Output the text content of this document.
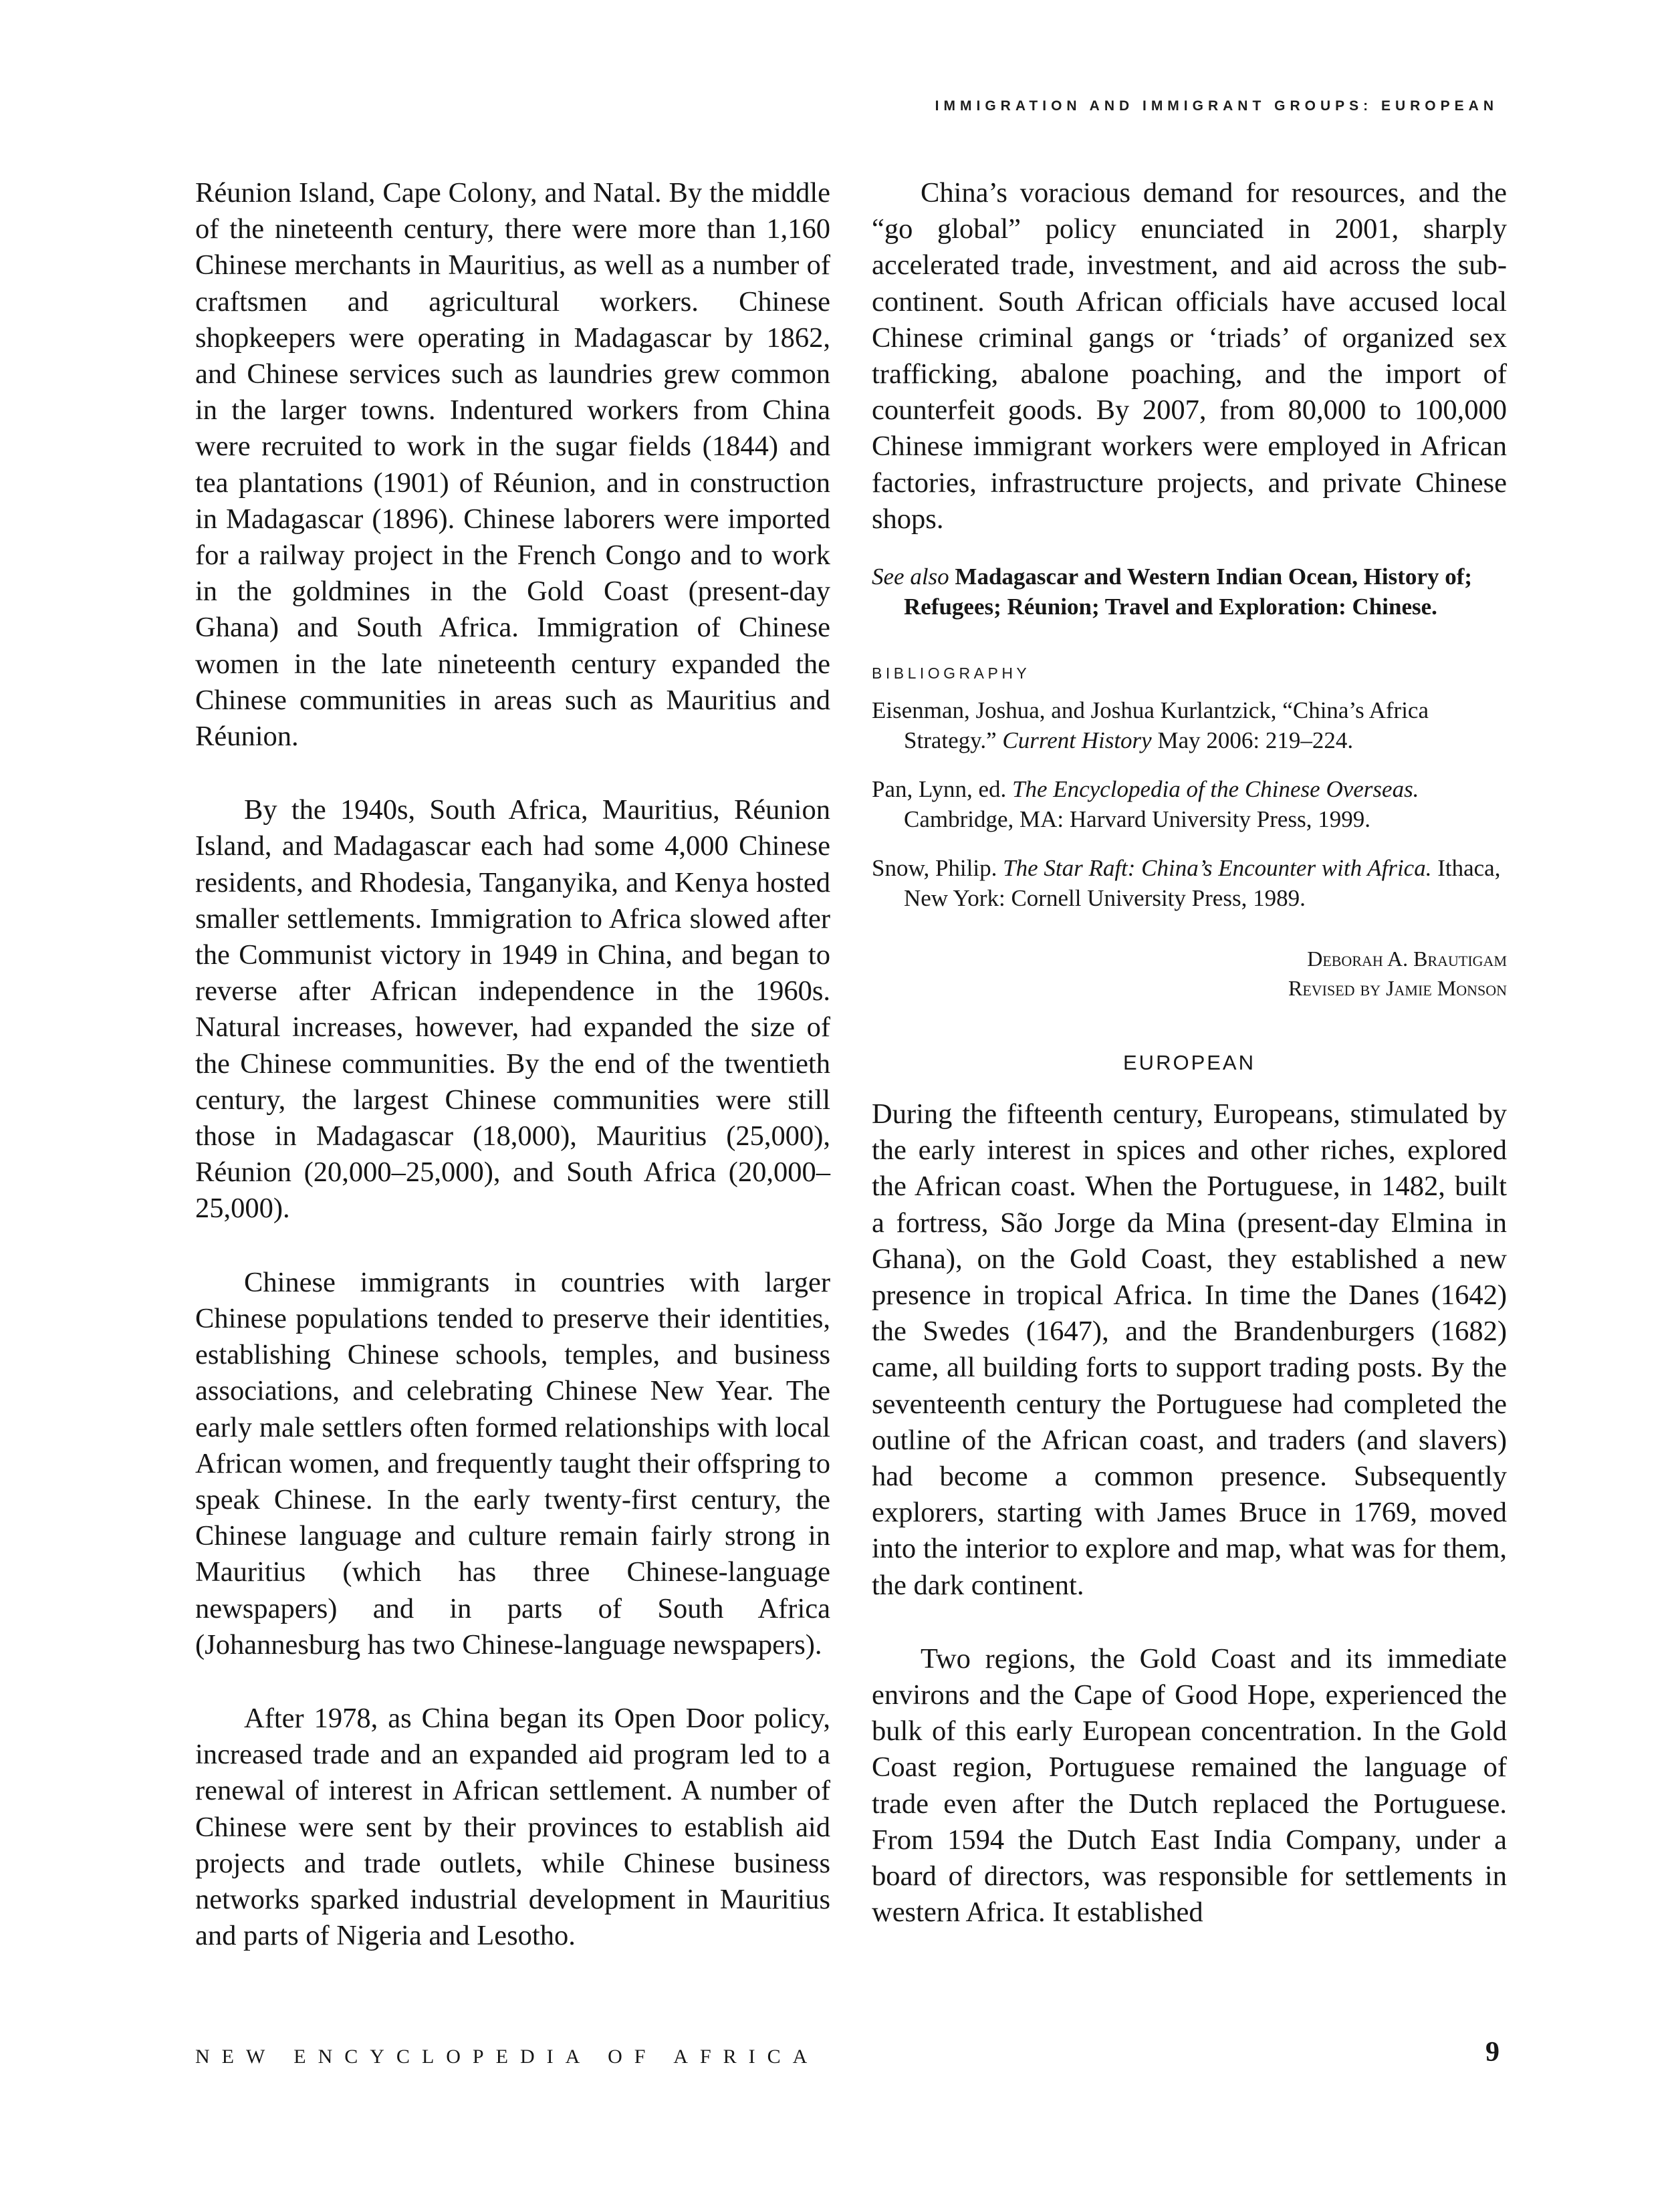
IMMIGRATION AND IMMIGRANT GROUPS: EUROPEAN

Réunion Island, Cape Colony, and Natal. By the middle of the nineteenth century, there were more than 1,160 Chinese merchants in Mauritius, as well as a number of craftsmen and agricultural workers. Chinese shopkeepers were operating in Madagascar by 1862, and Chinese services such as laundries grew common in the larger towns. Indentured workers from China were recruited to work in the sugar fields (1844) and tea plantations (1901) of Réunion, and in construction in Madagascar (1896). Chinese laborers were imported for a railway project in the French Congo and to work in the goldmines in the Gold Coast (present-day Ghana) and South Africa. Immigration of Chinese women in the late nineteenth century expanded the Chinese communities in areas such as Mauritius and Réunion.

By the 1940s, South Africa, Mauritius, Réunion Island, and Madagascar each had some 4,000 Chinese residents, and Rhodesia, Tanganyika, and Kenya hosted smaller settlements. Immigration to Africa slowed after the Communist victory in 1949 in China, and began to reverse after African independence in the 1960s. Natural increases, however, had expanded the size of the Chinese communities. By the end of the twentieth century, the largest Chinese communities were still those in Madagascar (18,000), Mauritius (25,000), Réunion (20,000–25,000), and South Africa (20,000–25,000).

Chinese immigrants in countries with larger Chinese populations tended to preserve their identities, establishing Chinese schools, temples, and business associations, and celebrating Chinese New Year. The early male settlers often formed relationships with local African women, and frequently taught their offspring to speak Chinese. In the early twenty-first century, the Chinese language and culture remain fairly strong in Mauritius (which has three Chinese-language newspapers) and in parts of South Africa (Johannesburg has two Chinese-language newspapers).

After 1978, as China began its Open Door policy, increased trade and an expanded aid program led to a renewal of interest in African settlement. A number of Chinese were sent by their provinces to establish aid projects and trade outlets, while Chinese business networks sparked industrial development in Mauritius and parts of Nigeria and Lesotho.

China’s voracious demand for resources, and the “go global” policy enunciated in 2001, sharply accelerated trade, investment, and aid across the sub-continent. South African officials have accused local Chinese criminal gangs or ‘triads’ of organized sex trafficking, abalone poaching, and the import of counterfeit goods. By 2007, from 80,000 to 100,000 Chinese immigrant workers were employed in African factories, infrastructure projects, and private Chinese shops.

See also Madagascar and Western Indian Ocean, History of; Refugees; Réunion; Travel and Exploration: Chinese.
BIBLIOGRAPHY
Eisenman, Joshua, and Joshua Kurlantzick, “China’s Africa Strategy.” Current History May 2006: 219–224.
Pan, Lynn, ed. The Encyclopedia of the Chinese Overseas. Cambridge, MA: Harvard University Press, 1999.
Snow, Philip. The Star Raft: China’s Encounter with Africa. Ithaca, New York: Cornell University Press, 1989.
Deborah A. Brautigam
Revised by Jamie Monson
EUROPEAN

During the fifteenth century, Europeans, stimulated by the early interest in spices and other riches, explored the African coast. When the Portuguese, in 1482, built a fortress, São Jorge da Mina (present-day Elmina in Ghana), on the Gold Coast, they established a new presence in tropical Africa. In time the Danes (1642) the Swedes (1647), and the Brandenburgers (1682) came, all building forts to support trading posts. By the seventeenth century the Portuguese had completed the outline of the African coast, and traders (and slavers) had become a common presence. Subsequently explorers, starting with James Bruce in 1769, moved into the interior to explore and map, what was for them, the dark continent.

Two regions, the Gold Coast and its immediate environs and the Cape of Good Hope, experienced the bulk of this early European concentration. In the Gold Coast region, Portuguese remained the language of trade even after the Dutch replaced the Portuguese. From 1594 the Dutch East India Company, under a board of directors, was responsible for settlements in western Africa. It established

NEW ENCYCLOPEDIA OF AFRICA	9
